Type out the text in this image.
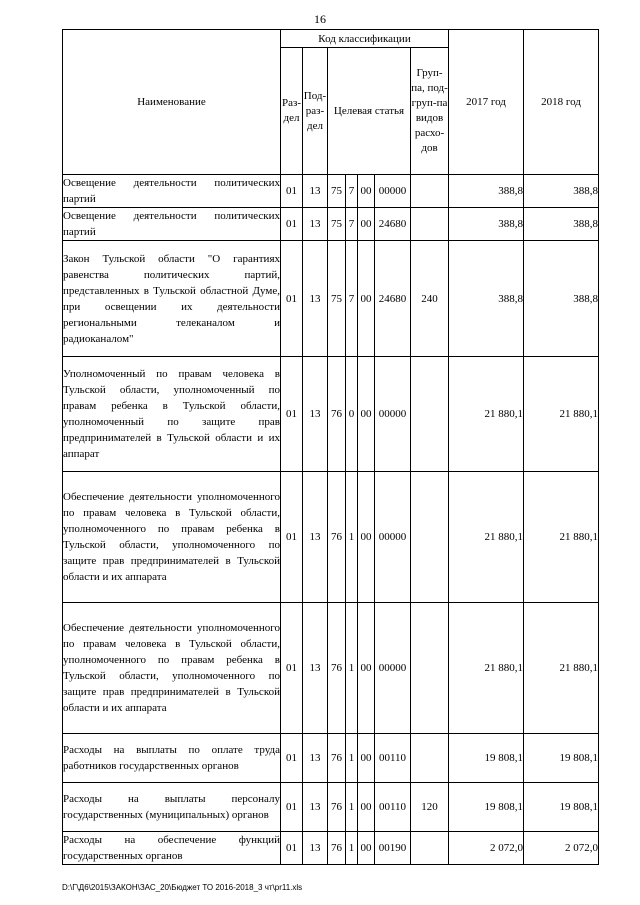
16
Наименование	Код классификации							2017 год	2018 год
	Раз-дел	Под-раз-дел	Целевая статья				Груп-па, под-груп-па видов расхо-дов		
Освещение деятельности политических партий	01	13	75	7	00	00000		388,8	388,8
Освещение деятельности политических партий	01	13	75	7	00	24680		388,8	388,8
Закон Тульской области "О гарантиях равенства политических партий, представленных в Тульской областной Думе, при освещении их деятельности региональными телеканалом и радиоканалом"	01	13	75	7	00	24680	240	388,8	388,8
Уполномоченный по правам человека в Тульской области, уполномоченный по правам ребенка в Тульской области, уполномоченный по защите прав предпринимателей в Тульской области и их аппарат	01	13	76	0	00	00000		21 880,1	21 880,1
Обеспечение деятельности уполномоченного по правам человека в Тульской области, уполномоченного по правам ребенка в Тульской области, уполномоченного по защите прав предпринимателей в Тульской области и их аппарата	01	13	76	1	00	00000		21 880,1	21 880,1
Обеспечение деятельности уполномоченного по правам человека в Тульской области, уполномоченного по правам ребенка в Тульской области, уполномоченного по защите прав предпринимателей в Тульской области и их аппарата	01	13	76	1	00	00000		21 880,1	21 880,1
Расходы на выплаты по оплате труда работников государственных органов	01	13	76	1	00	00110		19 808,1	19 808,1
Расходы на выплаты персоналу государственных (муниципальных) органов	01	13	76	1	00	00110	120	19 808,1	19 808,1
Расходы на обеспечение функций государственных органов	01	13	76	1	00	00190		2 072,0	2 072,0
D:\Г\Д6\2015\ЗАКОН\ЗАС_20\Бюджет ТО 2016-2018_3 чт\pr11.xls
